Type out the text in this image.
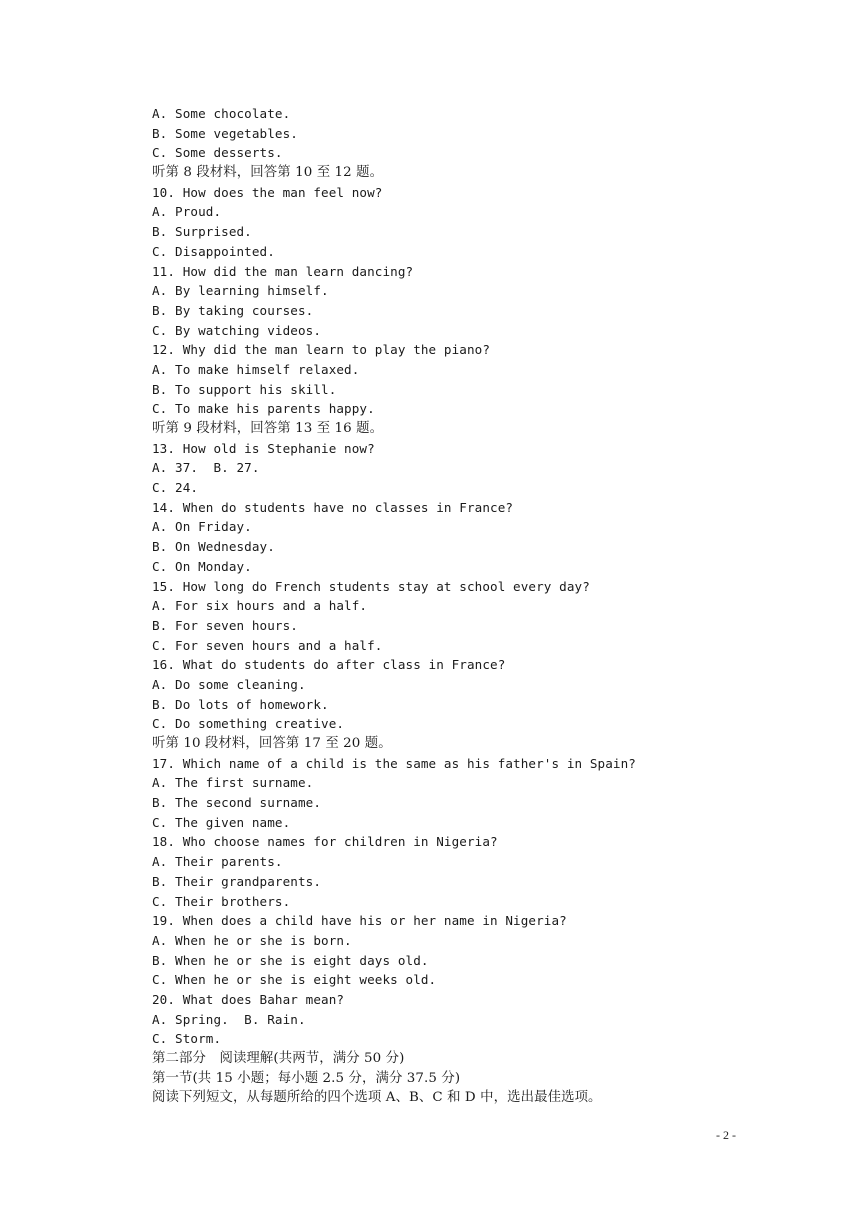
A. Some chocolate.
B. Some vegetables.
C. Some desserts.
听第 8 段材料，回答第 10 至 12 题。
10. How does the man feel now?
A. Proud.
B. Surprised.
C. Disappointed.
11. How did the man learn dancing?
A. By learning himself.
B. By taking courses.
C. By watching videos.
12. Why did the man learn to play the piano?
A. To make himself relaxed.
B. To support his skill.
C. To make his parents happy.
听第 9 段材料，回答第 13 至 16 题。
13. How old is Stephanie now?
A. 37.  B. 27.
C. 24.
14. When do students have no classes in France?
A. On Friday.
B. On Wednesday.
C. On Monday.
15. How long do French students stay at school every day?
A. For six hours and a half.
B. For seven hours.
C. For seven hours and a half.
16. What do students do after class in France?
A. Do some cleaning.
B. Do lots of homework.
C. Do something creative.
听第 10 段材料，回答第 17 至 20 题。
17. Which name of a child is the same as his father's in Spain?
A. The first surname.
B. The second surname.
C. The given name.
18. Who choose names for children in Nigeria?
A. Their parents.
B. Their grandparents.
C. Their brothers.
19. When does a child have his or her name in Nigeria?
A. When he or she is born.
B. When he or she is eight days old.
C. When he or she is eight weeks old.
20. What does Bahar mean?
A. Spring.  B. Rain.
C. Storm.
第二部分　阅读理解(共两节，满分 50 分)
第一节(共 15 小题；每小题 2.5 分，满分 37.5 分)
阅读下列短文，从每题所给的四个选项 A、B、C 和 D 中，选出最佳选项。
- 2 -
